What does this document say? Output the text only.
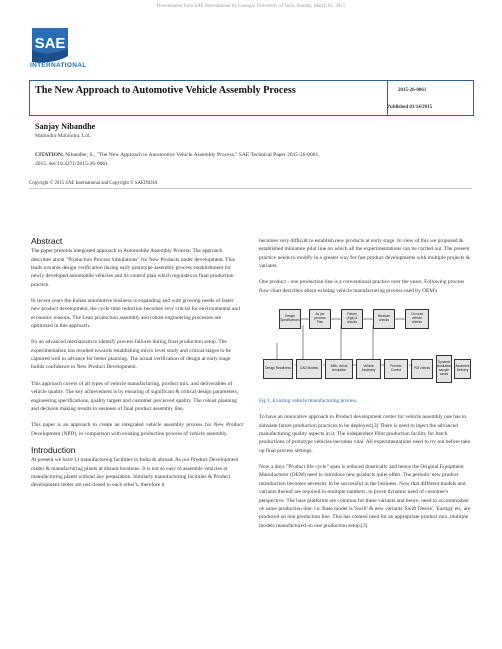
Downloaded from SAE International by Guangxi University of Tech, Sunday, March 01, 2015
SAE
INTERNATIONAL
The New Approach to Automotive Vehicle Assembly Process	2015-26-0061
Published 01/14/2015
Sanjay Nibandhe
Mahindra Mahindra, Ltd.
CITATION: Nibandhe, S., "The New Approach to Automotive Vehicle Assembly Process," SAE Technical Paper 2015-26-0061,
2015, doi:10.4271/2015-26-0061.
Copyright © 2015 SAE International and Copyright © SAEINDIA
Abstract

The paper presents integrated approach to Automobile Assembly Process. The approach describes about "Production Process Simulations" for New Products under development. This leads towards design verification during early prototype assembly process establishment for newly developed automobile vehicles and its control plan which regulates to final production practice.

In recent years the Indian automotive business is expanding and with growing needs of faster new product development, the cycle time reduction becomes very crucial for environmental and economic reasons. The Lean production assembly and robust engineering processes are optimized in this approach.

It's an advanced mechanism to identify process failures during final production setup. The experimentation has resulted towards establishing micro level study and critical stages to be captured well in advance for better planning. The actual verification of design at early stage builds confidence in New Product Development.

This approach covers of all types of vehicle manufacturing, product mix, and deliverables of vehicle quality. The key achievement is by ensuring of significant & critical design parameters, engineering specifications, quality targets and customer perceived quality. The robust planning and decision making results in easiness of final product assembly line.

This paper is an approach to create an integrated vehicle assembly process for New Product Development (NPD), in comparison with existing production process of vehicle assembly.

Introduction

At present we have 11 manufacturing facilities in India & abroad. As our Product Development center & manufacturing plants at distant locations. It is not so easy to assemble vehicles at manufacturing plants without any preparation. Similarly manufacturing facilities & Product development center are not closed to each other's, therefore it

becomes very difficult to establish new products at early stage. In view of this we proposed & established miniature pilot line on which all the experimentations can be carried out. The present practice needs to modify in a greater way for fast product developments with multiple projects & variants.

One product - one production line is a conventional practice over the years. Following process flow chart describes about existing vehicle manufacturing process used by OEM's.

Design Specifications
As per process Plan
Fixture (Jigs) & checks
Measure checks
On road vehicle checks
Design Readiness	CAD Models	BMIL virtual simulation
Vehicle Assembly
Process Control	PDI checks
Dynamic simulation sample cases
Assemble Delivery
Fig 1. Existing vehicle manufacturing process.

To have an innovative approach in Product development center for vehicle assembly one has to simulate future production practices to be deployed.[3] There is need to inject the advanced manufacturing quality aspects in it. The independent Pilot production facility for batch productions of prototype vehicles becomes vital. All experimentations need to try out before take up final process settings.

Now a days "Product life cycle" span is reduced drastically and hence the Original Equipment Manufacturer (OEM) need to introduce new products quite often. The periodic new product introduction becomes necessity to be successful in the business. Now that different models and variants thereof are required in multiple numbers, to prove dynamic need of customer's perspective. The base platforms are common for these variants and hence, need to accommodate on same production line. i.e. Base model is 'Swift' & new variants 'Swift Desire', 'Eartiga' etc. are produced on one production line. This has created need for an appropriate product mix, multiple models manufactured on one production setup.[3]
